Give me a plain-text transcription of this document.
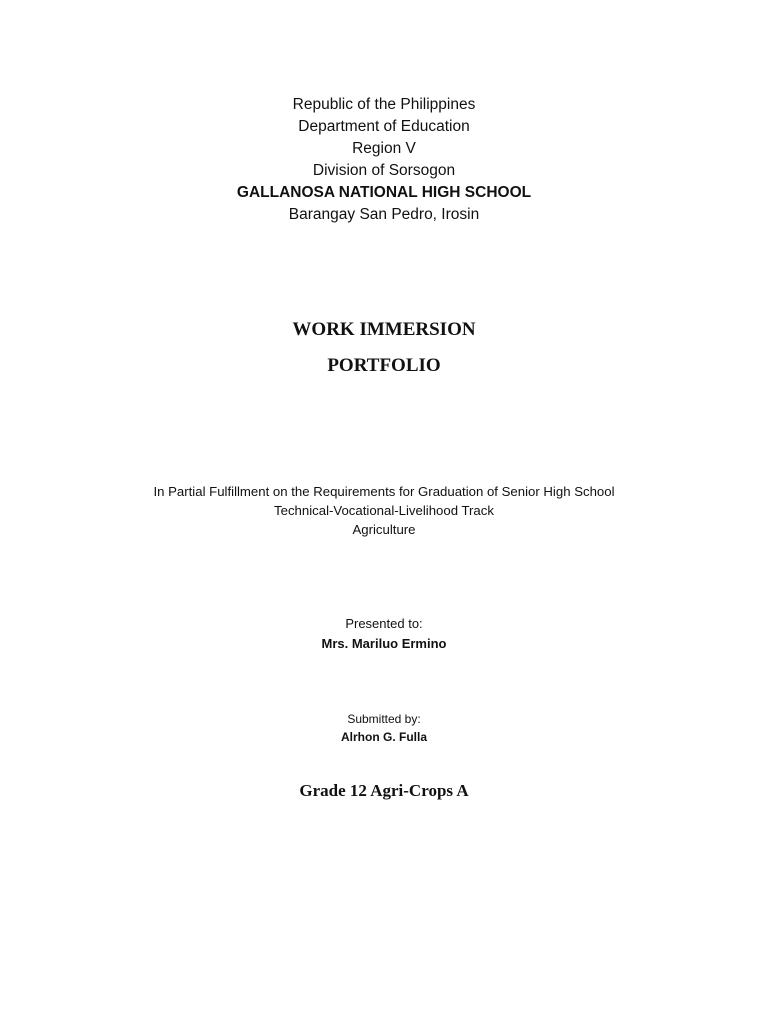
Republic of the Philippines
Department of Education
Region V
Division of Sorsogon
GALLANOSA NATIONAL HIGH SCHOOL
Barangay San Pedro, Irosin
WORK IMMERSION
PORTFOLIO
In Partial Fulfillment on the Requirements for Graduation of Senior High School
Technical-Vocational-Livelihood Track
Agriculture
Presented to:
Mrs. Mariluo Ermino
Submitted by:
Alrhon G. Fulla
Grade 12 Agri-Crops A
